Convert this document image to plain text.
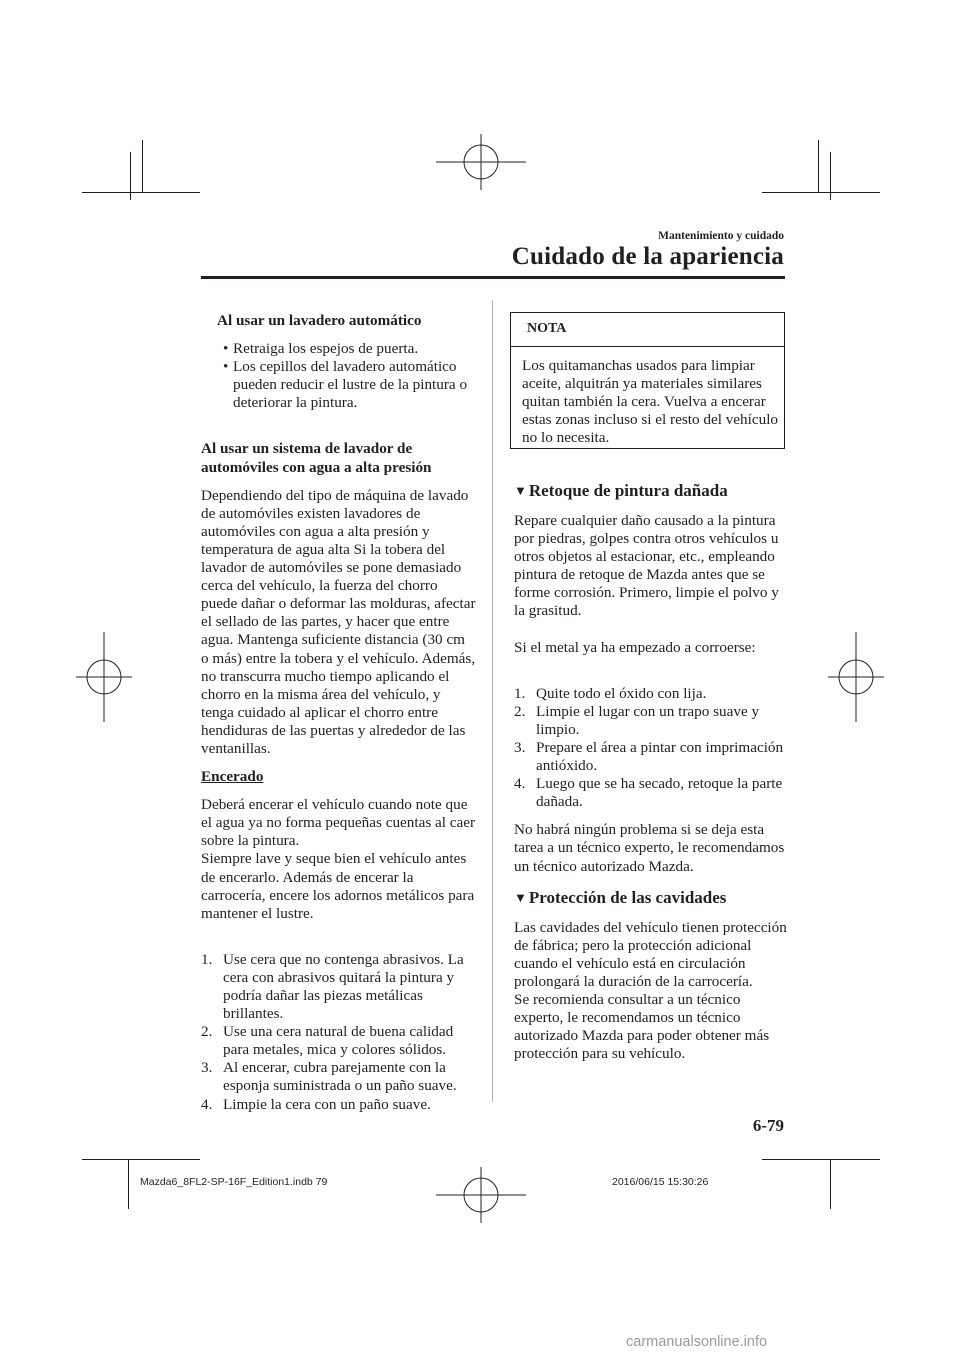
Mantenimiento y cuidado
Cuidado de la apariencia

Al usar un lavadero automático

• Retraiga los espejos de puerta.
• Los cepillos del lavadero automático pueden reducir el lustre de la pintura o deteriorar la pintura.

Al usar un sistema de lavador de

automóviles con agua a alta presión

Dependiendo del tipo de máquina de lavado de automóviles existen lavadores de automóviles con agua a alta presión y temperatura de agua alta Si la tobera del lavador de automóviles se pone demasiado cerca del vehículo, la fuerza del chorro puede dañar o deformar las molduras, afectar el sellado de las partes, y hacer que entre agua. Mantenga suficiente distancia (30 cm o más) entre la tobera y el vehículo. Además, no transcurra mucho tiempo aplicando el chorro en la misma área del vehículo, y tenga cuidado al aplicar el chorro entre hendiduras de las puertas y alrededor de las ventanillas.

Encerado

Deberá encerar el vehículo cuando note que el agua ya no forma pequeñas cuentas al caer sobre la pintura.

Siempre lave y seque bien el vehículo antes de encerarlo. Además de encerar la carrocería, encere los adornos metálicos para mantener el lustre.

1. Use cera que no contenga abrasivos. La cera con abrasivos quitará la pintura y podría dañar las piezas metálicas brillantes.
2. Use una cera natural de buena calidad para metales, mica y colores sólidos.
3. Al encerar, cubra parejamente con la esponja suministrada o un paño suave.
4. Limpie la cera con un paño suave.
NOTA
Los quitamanchas usados para limpiar aceite, alquitrán ya materiales similares quitan también la cera. Vuelva a encerar estas zonas incluso si el resto del vehículo no lo necesita.

▼ Retoque de pintura dañada

Repare cualquier daño causado a la pintura por piedras, golpes contra otros vehículos u otros objetos al estacionar, etc., empleando pintura de retoque de Mazda antes que se forme corrosión. Primero, limpie el polvo y la grasitud.

Si el metal ya ha empezado a corroerse:

1. Quite todo el óxido con lija.
2. Limpie el lugar con un trapo suave y limpio.
3. Prepare el área a pintar con imprimación antióxido.
4. Luego que se ha secado, retoque la parte dañada.

No habrá ningún problema si se deja esta tarea a un técnico experto, le recomendamos un técnico autorizado Mazda.

▼ Protección de las cavidades

Las cavidades del vehículo tienen protección de fábrica; pero la protección adicional cuando el vehículo está en circulación prolongará la duración de la carrocería.

Se recomienda consultar a un técnico experto, le recomendamos un técnico autorizado Mazda para poder obtener más protección para su vehículo.

6-79
Mazda6_8FL2-SP-16F_Edition1.indb 79	2016/06/15 15:30:26
carmanualsonline.info
